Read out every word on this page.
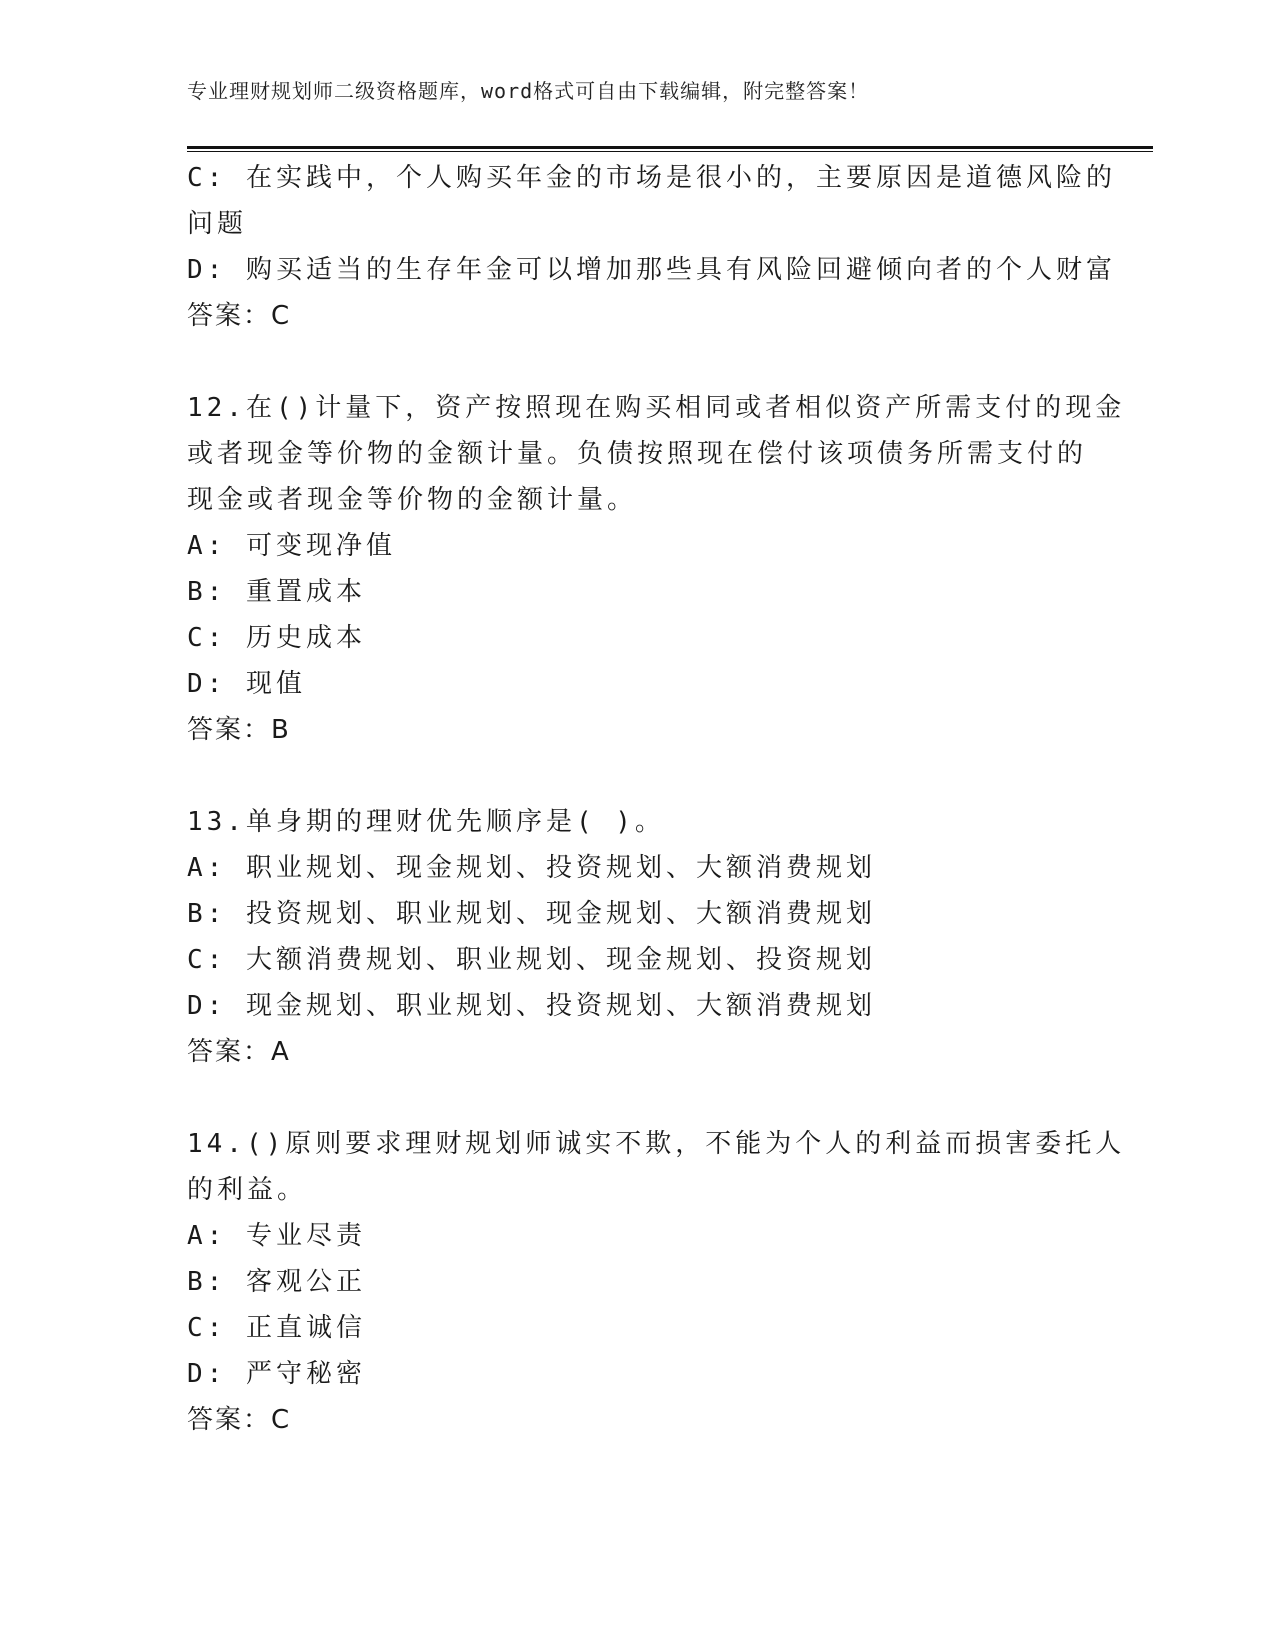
专业理财规划师二级资格题库，word格式可自由下载编辑，附完整答案！
C: 在实践中，个人购买年金的市场是很小的，主要原因是道德风险的
问题
D: 购买适当的生存年金可以增加那些具有风险回避倾向者的个人财富
答案：C
12.在()计量下，资产按照现在购买相同或者相似资产所需支付的现金
或者现金等价物的金额计量。负债按照现在偿付该项债务所需支付的
现金或者现金等价物的金额计量。
A: 可变现净值
B: 重置成本
C: 历史成本
D: 现值
答案：B
13.单身期的理财优先顺序是( )。
A: 职业规划、现金规划、投资规划、大额消费规划
B: 投资规划、职业规划、现金规划、大额消费规划
C: 大额消费规划、职业规划、现金规划、投资规划
D: 现金规划、职业规划、投资规划、大额消费规划
答案：A
14.()原则要求理财规划师诚实不欺，不能为个人的利益而损害委托人
的利益。
A: 专业尽责
B: 客观公正
C: 正直诚信
D: 严守秘密
答案：C
